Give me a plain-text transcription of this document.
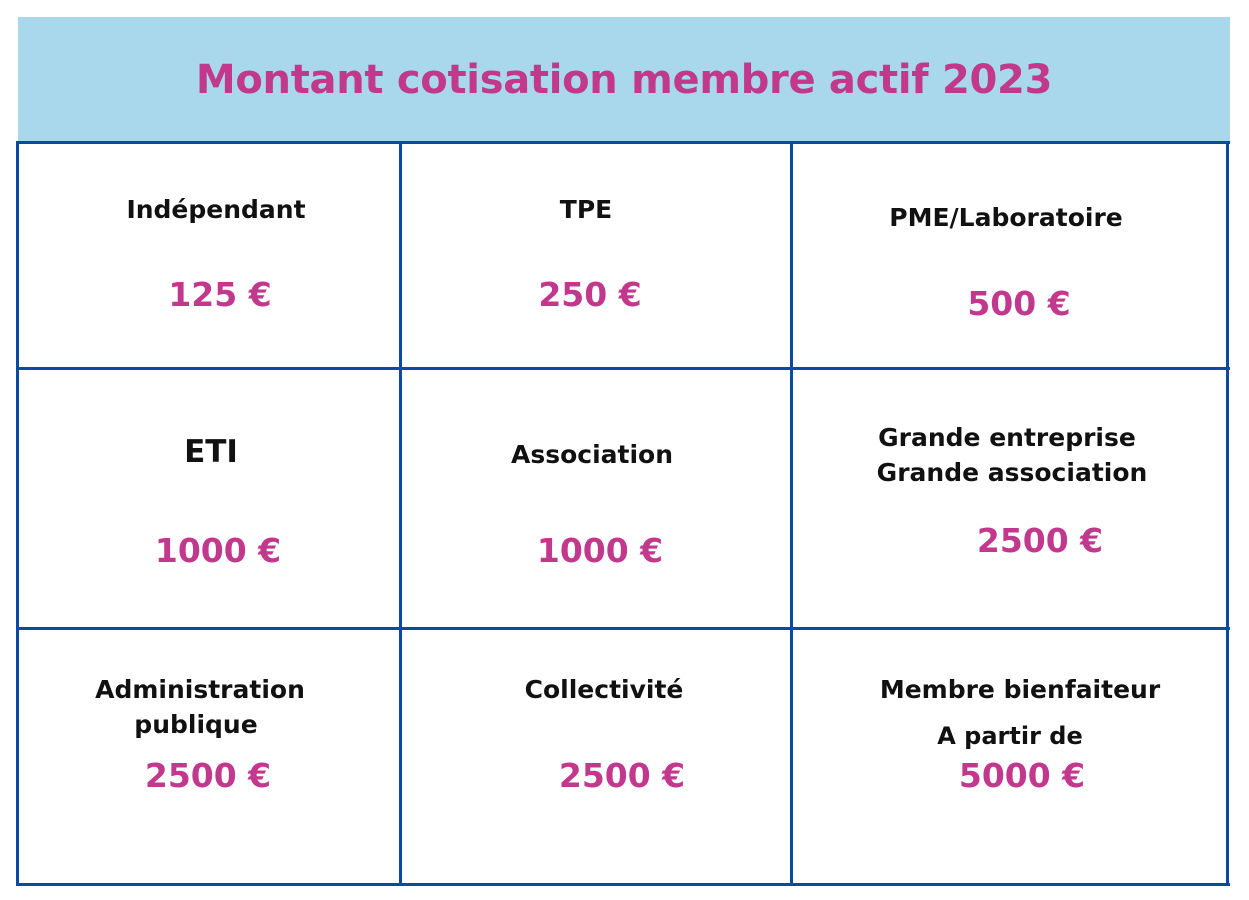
Montant cotisation membre actif 2023
Indépendant
125 €
TPE
250 €
PME/Laboratoire
500 €
ETI
1000 €
Association
1000 €
Grande entreprise
Grande association
2500 €
Administration
publique
2500 €
Collectivité
2500 €
Membre bienfaiteur
A partir de
5000 €
